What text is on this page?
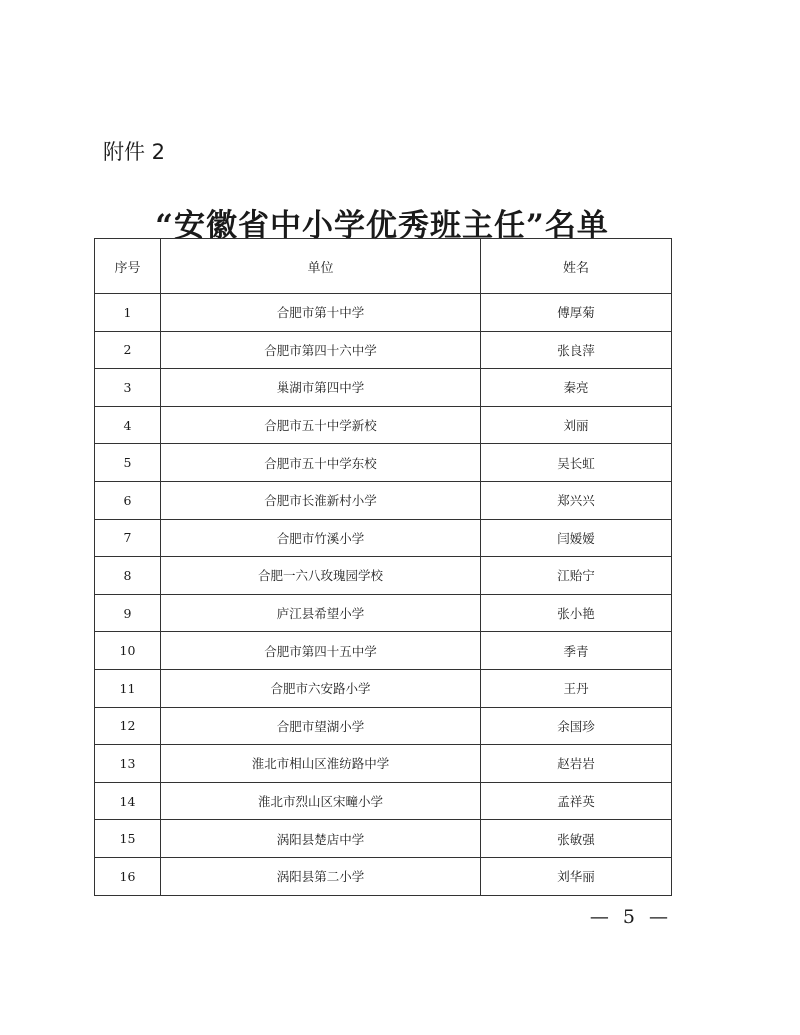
附件 2
“安徽省中小学优秀班主任”名单
序号	单位	姓名
1	合肥市第十中学	傅厚菊
2	合肥市第四十六中学	张良萍
3	巢湖市第四中学	秦亮
4	合肥市五十中学新校	刘丽
5	合肥市五十中学东校	吴长虹
6	合肥市长淮新村小学	郑兴兴
7	合肥市竹溪小学	闫嫒嫒
8	合肥一六八玫瑰园学校	江贻宁
9	庐江县希望小学	张小艳
10	合肥市第四十五中学	季青
11	合肥市六安路小学	王丹
12	合肥市望湖小学	余国珍
13	淮北市相山区淮纺路中学	赵岩岩
14	淮北市烈山区宋疃小学	孟祥英
15	涡阳县楚店中学	张敏强
16	涡阳县第二小学	刘华丽
— 5 —
